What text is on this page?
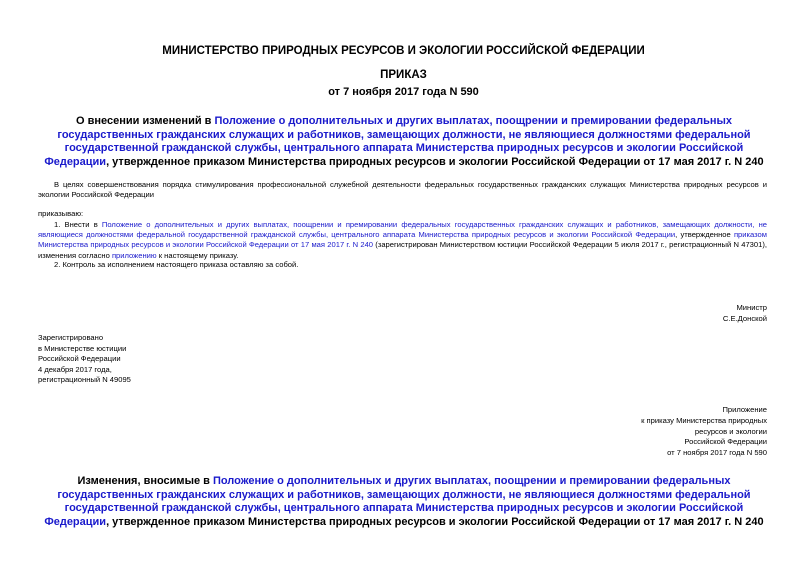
МИНИСТЕРСТВО ПРИРОДНЫХ РЕСУРСОВ И ЭКОЛОГИИ РОССИЙСКОЙ ФЕДЕРАЦИИ
ПРИКАЗ
от 7 ноября 2017 года N 590
О внесении изменений в Положение о дополнительных и других выплатах, поощрении и премировании федеральных государственных гражданских служащих и работников, замещающих должности, не являющиеся должностями федеральной государственной гражданской службы, центрального аппарата Министерства природных ресурсов и экологии Российской Федерации, утвержденное приказом Министерства природных ресурсов и экологии Российской Федерации от 17 мая 2017 г. N 240
В целях совершенствования порядка стимулирования профессиональной служебной деятельности федеральных государственных гражданских служащих Министерства природных ресурсов и экологии Российской Федерации
приказываю:
1. Внести в Положение о дополнительных и других выплатах, поощрении и премировании федеральных государственных гражданских служащих и работников, замещающих должности, не являющиеся должностями федеральной государственной гражданской службы, центрального аппарата Министерства природных ресурсов и экологии Российской Федерации, утвержденное приказом Министерства природных ресурсов и экологии Российской Федерации от 17 мая 2017 г. N 240 (зарегистрирован Министерством юстиции Российской Федерации 5 июля 2017 г., регистрационный N 47301), изменения согласно приложению к настоящему приказу.
2. Контроль за исполнением настоящего приказа оставляю за собой.
Министр
С.Е.Донской
Зарегистрировано
в Министерстве юстиции
Российской Федерации
4 декабря 2017 года,
регистрационный N 49095
Приложение
к приказу Министерства природных
ресурсов и экологии
Российской Федерации
от 7 ноября 2017 года N 590
Изменения, вносимые в Положение о дополнительных и других выплатах, поощрении и премировании федеральных государственных гражданских служащих и работников, замещающих должности, не являющиеся должностями федеральной государственной гражданской службы, центрального аппарата Министерства природных ресурсов и экологии Российской Федерации, утвержденное приказом Министерства природных ресурсов и экологии Российской Федерации от 17 мая 2017 г. N 240
